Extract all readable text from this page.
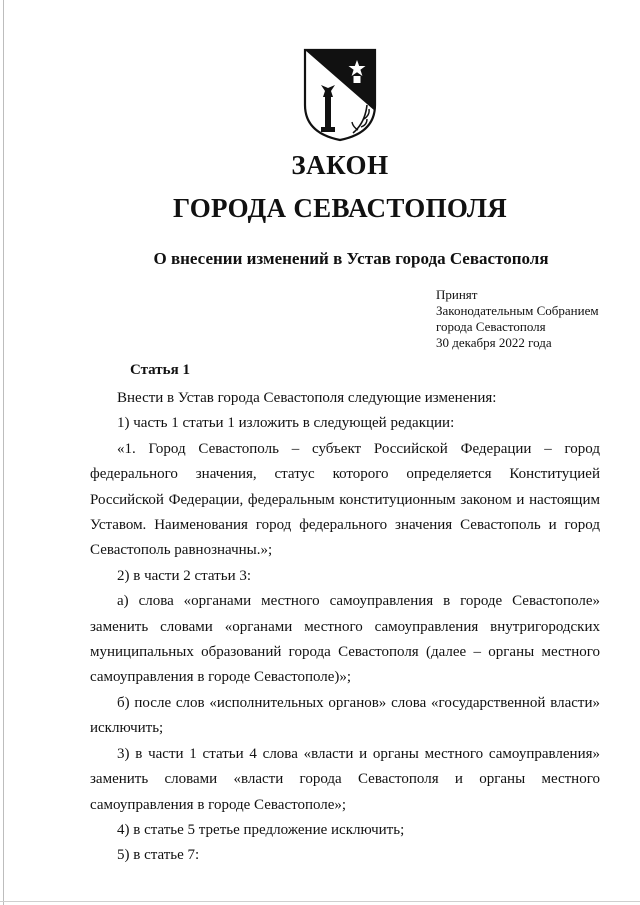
ЗАКОН
ГОРОДА СЕВАСТОПОЛЯ
О внесении изменений в Устав города Севастополя
Принят
Законодательным Собранием
города Севастополя
30 декабря 2022 года
Статья 1

Внести в Устав города Севастополя следующие изменения:

1) часть 1 статьи 1 изложить в следующей редакции:

«1. Город Севастополь – субъект Российской Федерации – город федерального значения, статус которого определяется Конституцией Российской Федерации, федеральным конституционным законом и настоящим Уставом. Наименования город федерального значения Севастополь и город Севастополь равнозначны.»;

2) в части 2 статьи 3:

а) слова «органами местного самоуправления в городе Севастополе» заменить словами «органами местного самоуправления внутригородских муниципальных образований города Севастополя (далее – органы местного самоуправления в городе Севастополе)»;

б) после слов «исполнительных органов» слова «государственной власти» исключить;

3) в части 1 статьи 4 слова «власти и органы местного самоуправления» заменить словами «власти города Севастополя и органы местного самоуправления в городе Севастополе»;

4) в статье 5 третье предложение исключить;

5) в статье 7:
